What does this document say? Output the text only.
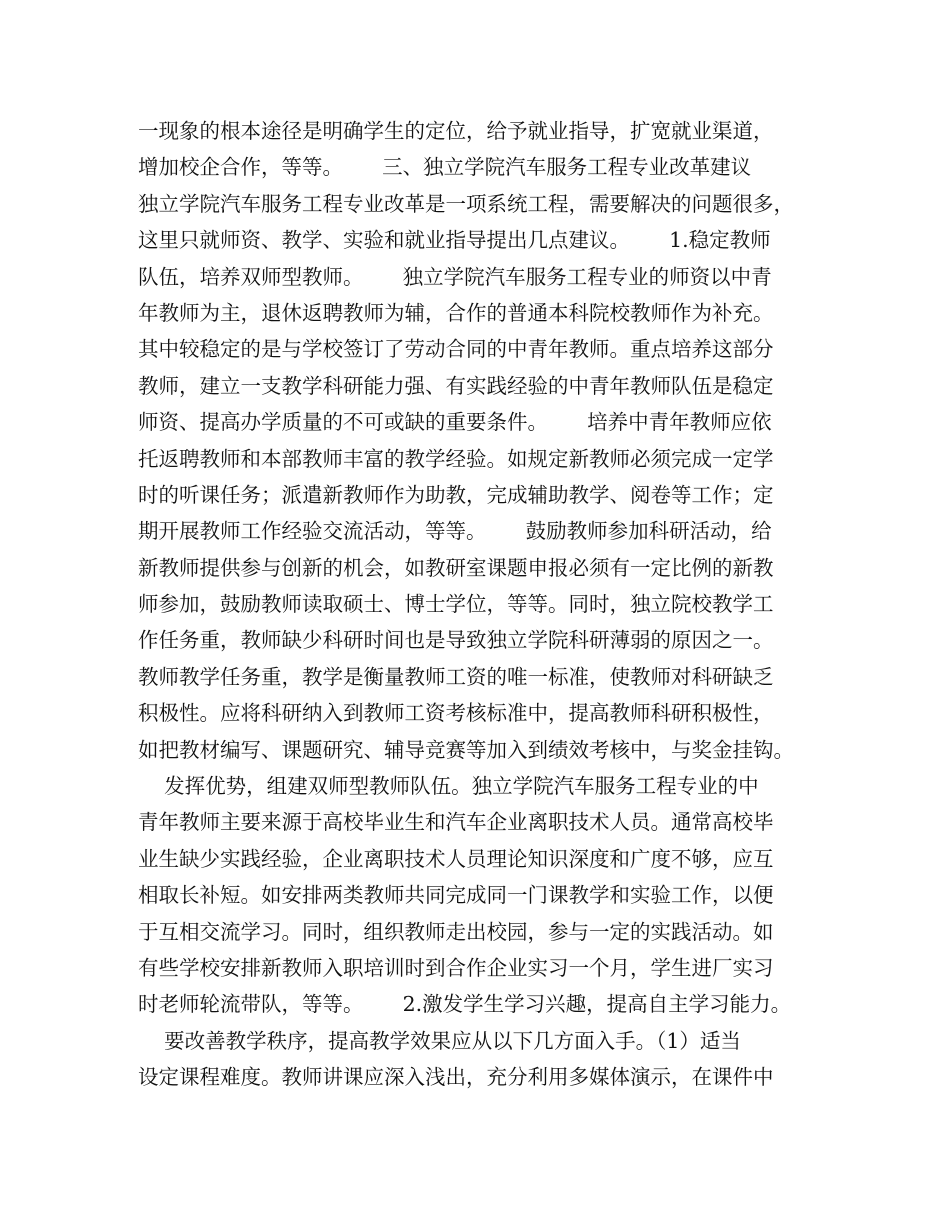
一现象的根本途径是明确学生的定位，给予就业指导，扩宽就业渠道，
增加校企合作，等等。      三、独立学院汽车服务工程专业改革建议
独立学院汽车服务工程专业改革是一项系统工程，需要解决的问题很多，
这里只就师资、教学、实验和就业指导提出几点建议。      1.稳定教师
队伍，培养双师型教师。      独立学院汽车服务工程专业的师资以中青
年教师为主，退休返聘教师为辅，合作的普通本科院校教师作为补充。
其中较稳定的是与学校签订了劳动合同的中青年教师。重点培养这部分
教师，建立一支教学科研能力强、有实践经验的中青年教师队伍是稳定
师资、提高办学质量的不可或缺的重要条件。      培养中青年教师应依
托返聘教师和本部教师丰富的教学经验。如规定新教师必须完成一定学
时的听课任务；派遣新教师作为助教，完成辅助教学、阅卷等工作；定
期开展教师工作经验交流活动，等等。      鼓励教师参加科研活动，给
新教师提供参与创新的机会，如教研室课题申报必须有一定比例的新教
师参加，鼓励教师读取硕士、博士学位，等等。同时，独立院校教学工
作任务重，教师缺少科研时间也是导致独立学院科研薄弱的原因之一。
教师教学任务重，教学是衡量教师工资的唯一标准，使教师对科研缺乏
积极性。应将科研纳入到教师工资考核标准中，提高教师科研积极性，
如把教材编写、课题研究、辅导竞赛等加入到绩效考核中，与奖金挂钩。
发挥优势，组建双师型教师队伍。独立学院汽车服务工程专业的中
青年教师主要来源于高校毕业生和汽车企业离职技术人员。通常高校毕
业生缺少实践经验，企业离职技术人员理论知识深度和广度不够，应互
相取长补短。如安排两类教师共同完成同一门课教学和实验工作，以便
于互相交流学习。同时，组织教师走出校园，参与一定的实践活动。如
有些学校安排新教师入职培训时到合作企业实习一个月，学生进厂实习
时老师轮流带队，等等。      2.激发学生学习兴趣，提高自主学习能力。
要改善教学秩序，提高教学效果应从以下几方面入手。（1）适当
设定课程难度。教师讲课应深入浅出，充分利用多媒体演示，在课件中
